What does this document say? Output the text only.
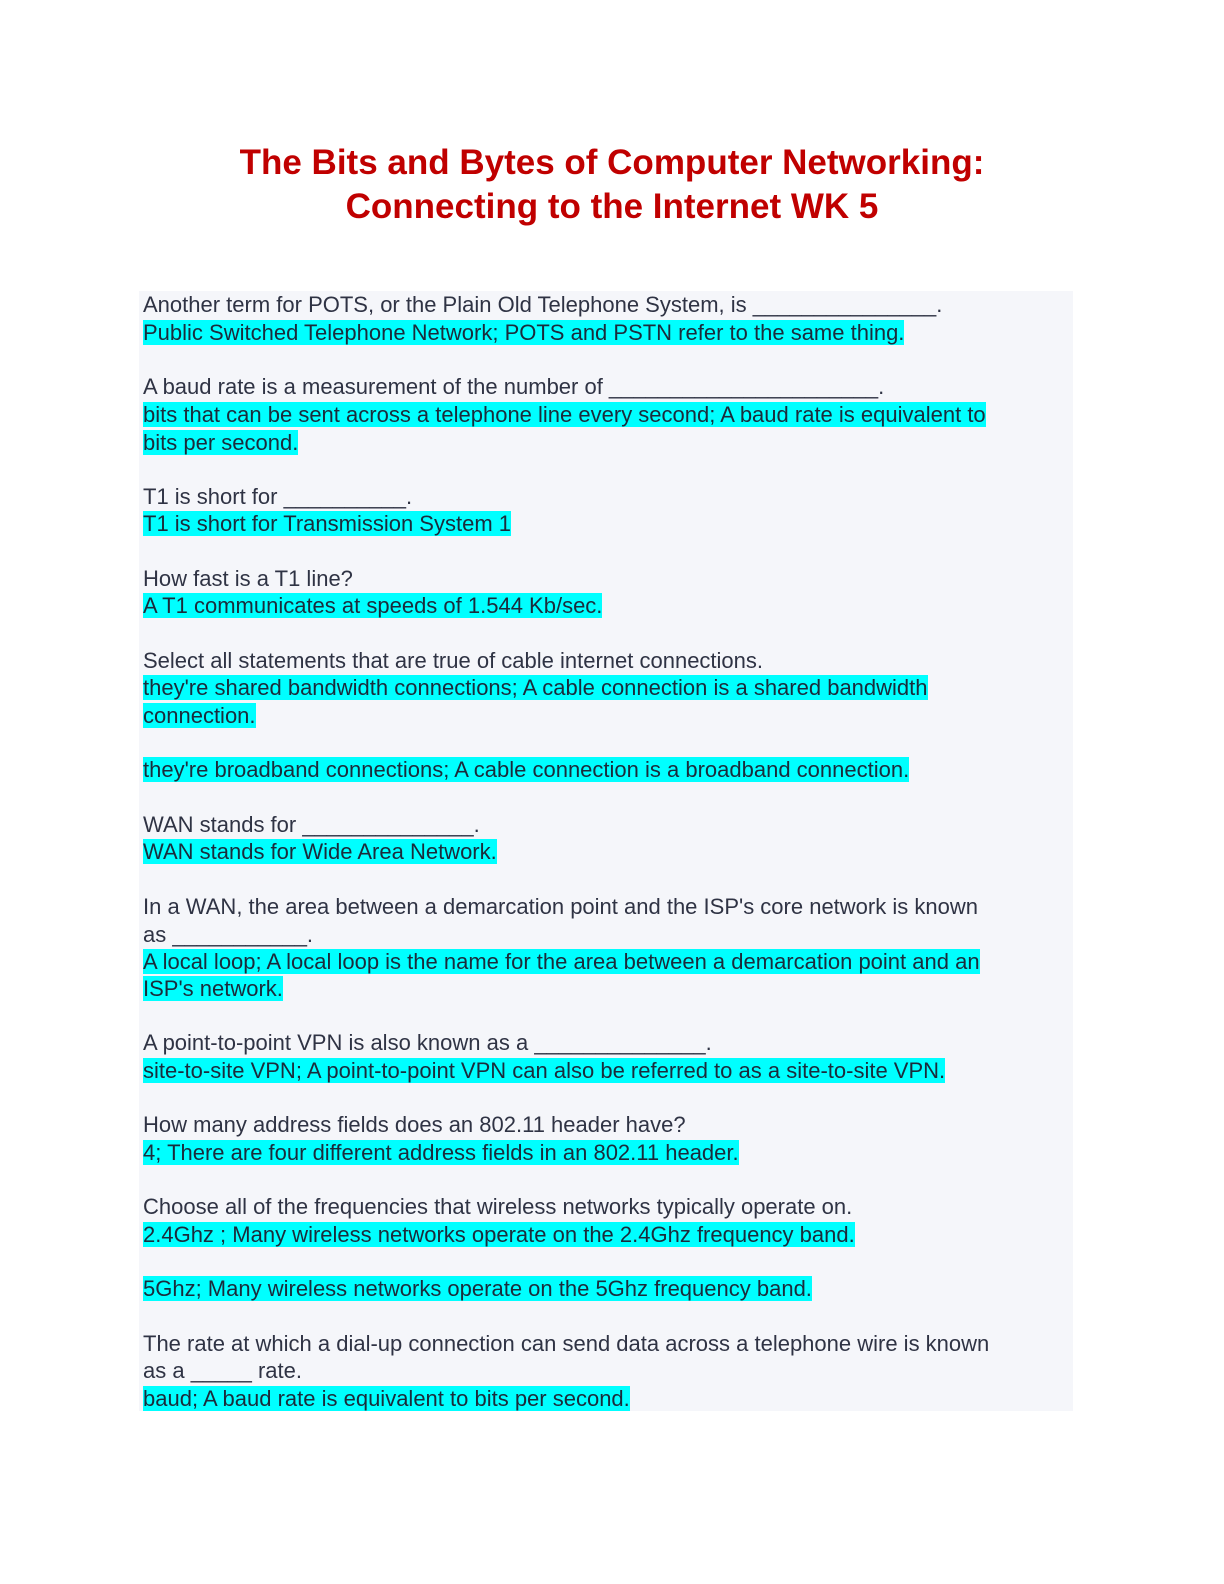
The Bits and Bytes of Computer Networking:
Connecting to the Internet WK 5

Another term for POTS, or the Plain Old Telephone System, is _______________.

Public Switched Telephone Network; POTS and PSTN refer to the same thing.

A baud rate is a measurement of the number of ______________________.

bits that can be sent across a telephone line every second; A baud rate is equivalent to

bits per second.

T1 is short for __________.

T1 is short for Transmission System 1

How fast is a T1 line?

A T1 communicates at speeds of 1.544 Kb/sec.

Select all statements that are true of cable internet connections.

they're shared bandwidth connections; A cable connection is a shared bandwidth

connection.

they're broadband connections; A cable connection is a broadband connection.

WAN stands for ______________.

WAN stands for Wide Area Network.

In a WAN, the area between a demarcation point and the ISP's core network is known

as ___________.

A local loop; A local loop is the name for the area between a demarcation point and an

ISP's network.

A point-to-point VPN is also known as a ______________.

site-to-site VPN; A point-to-point VPN can also be referred to as a site-to-site VPN.

How many address fields does an 802.11 header have?

4; There are four different address fields in an 802.11 header.

Choose all of the frequencies that wireless networks typically operate on.

2.4Ghz ; Many wireless networks operate on the 2.4Ghz frequency band.

5Ghz; Many wireless networks operate on the 5Ghz frequency band.

The rate at which a dial-up connection can send data across a telephone wire is known

as a _____ rate.

baud; A baud rate is equivalent to bits per second.
